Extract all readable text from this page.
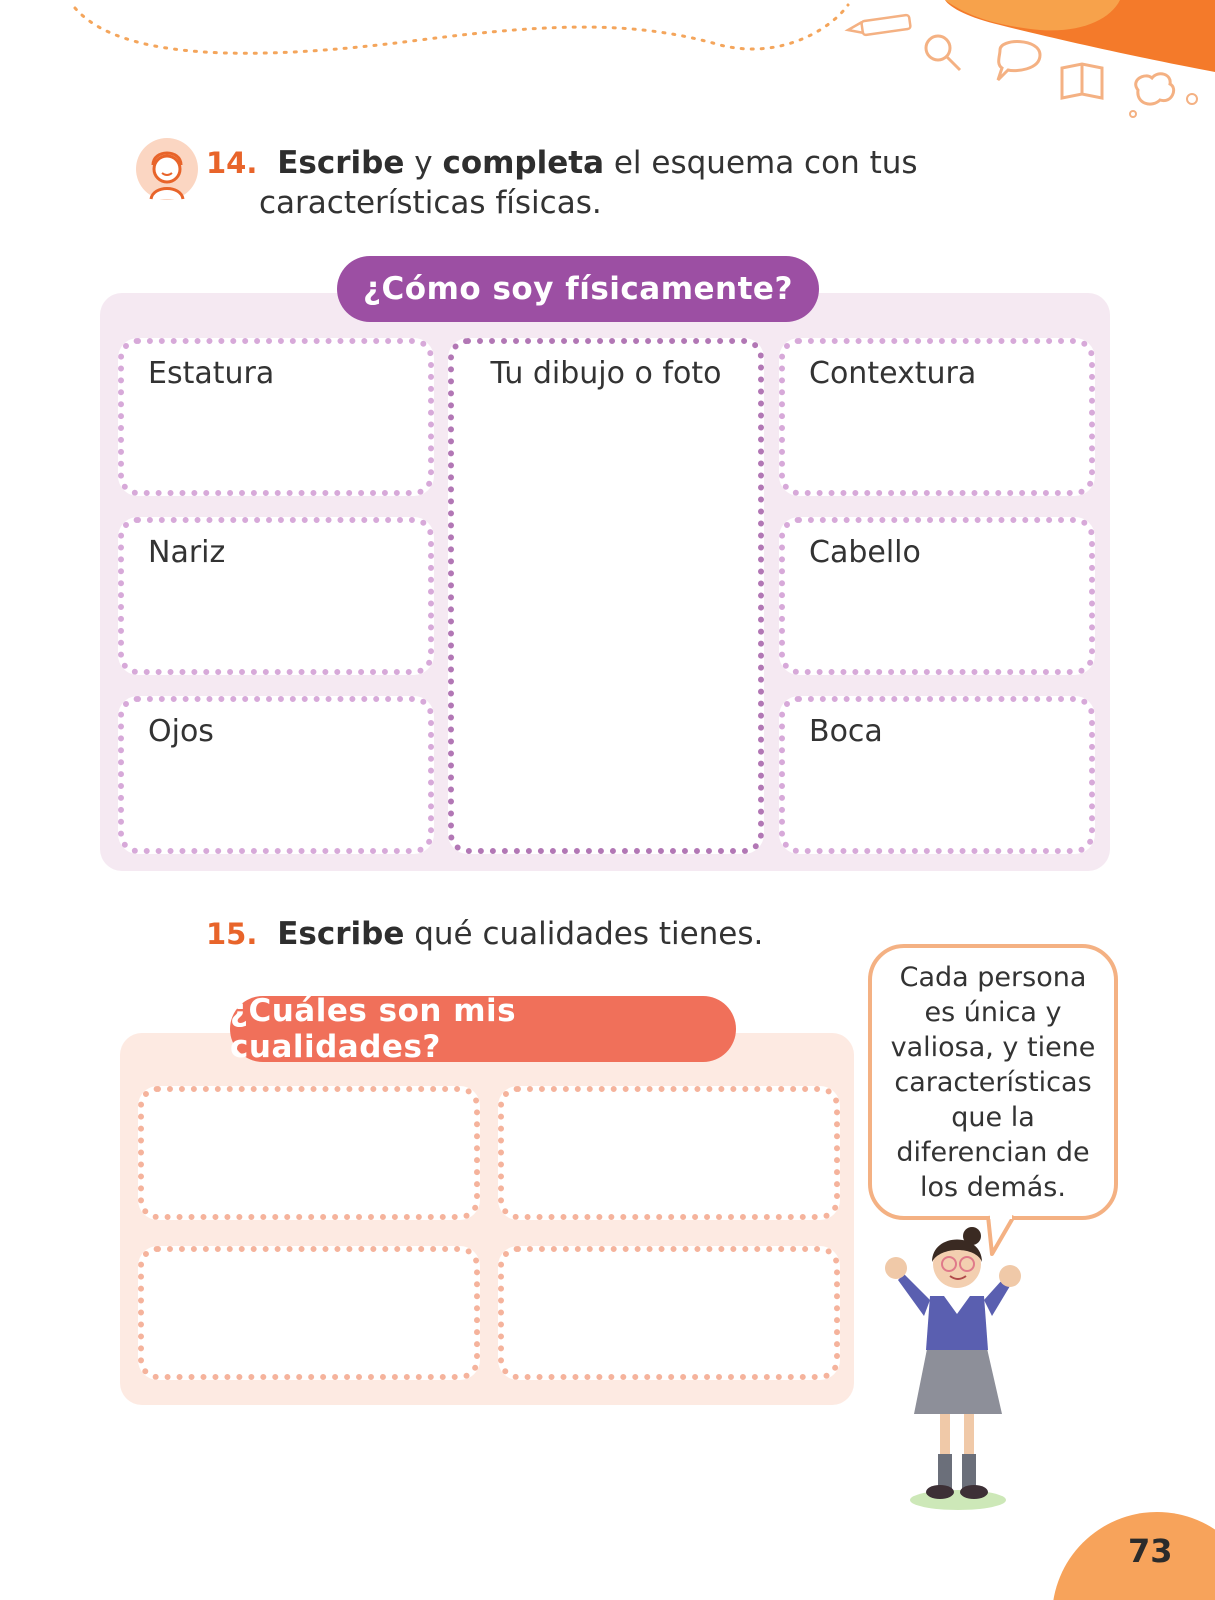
14. Escribe y completa el esquema con tus
características físicas.
¿Cómo soy físicamente?
Estatura
Nariz
Ojos
Tu dibujo o foto	Contextura
Cabello
Boca
15. Escribe qué cualidades tienes.
¿Cuáles son mis cualidades?
Cada persona
es única y
valiosa, y tiene
características
que la
diferencian de
los demás.
73
